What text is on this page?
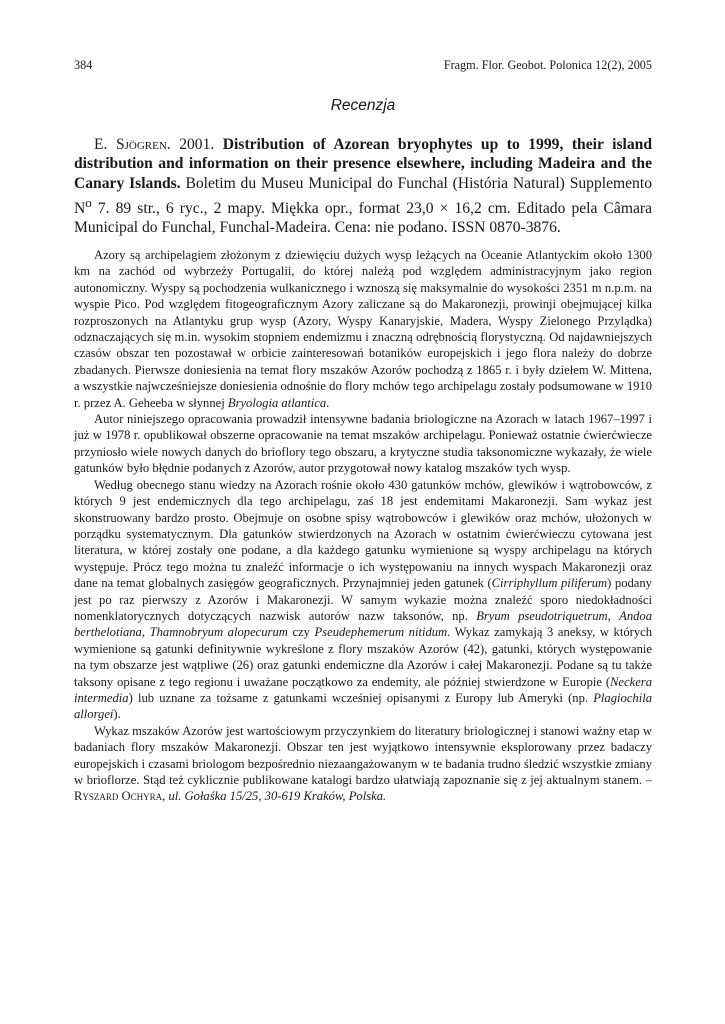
384	Fragm. Flor. Geobot. Polonica 12(2), 2005
Recenzja

E. Sjögren. 2001. Distribution of Azorean bryophytes up to 1999, their island distribution and information on their presence elsewhere, including Madeira and the Canary Islands. Boletim du Museu Municipal do Funchal (História Natural) Supplemento $N^o$ 7. 89 str., 6 ryc., 2 mapy. Miękka opr., format 23,0 × 16,2 cm. Editado pela Câmara Municipal do Funchal, Funchal-Madeira. Cena: nie podano. ISSN 0870-3876.

Azory są archipelagiem złożonym z dziewięciu dużych wysp leżących na Oceanie Atlantyckim około 1300 km na zachód od wybrzeży Portugalii, do której należą pod względem administracyjnym jako region autonomiczny. Wyspy są pochodzenia wulkanicznego i wznoszą się maksymalnie do wysokości 2351 m n.p.m. na wyspie Pico. Pod względem fitogeograficznym Azory zaliczane są do Makaronezji, prowinji obejmującej kilka rozproszonych na Atlantyku grup wysp (Azory, Wyspy Kanaryjskie, Madera, Wyspy Zielonego Przylądka) odznaczających się m.in. wysokim stopniem endemizmu i znaczną odrębnością florystyczną. Od najdawniejszych czasów obszar ten pozostawał w orbicie zainteresowań botaników europejskich i jego flora należy do dobrze zbadanych. Pierwsze doniesienia na temat flory mszaków Azorów pochodzą z 1865 r. i były dziełem W. Mittena, a wszystkie najwcześniejsze doniesienia odnośnie do flory mchów tego archipelagu zostały podsumowane w 1910 r. przez A. Geheeba w słynnej Bryologia atlantica.

Autor niniejszego opracowania prowadził intensywne badania briologiczne na Azorach w latach 1967–1997 i już w 1978 r. opublikował obszerne opracowanie na temat mszaków archipelagu. Ponieważ ostatnie ćwierćwiecze przyniosło wiele nowych danych do brioflory tego obszaru, a krytyczne studia taksonomiczne wykazały, że wiele gatunków było błędnie podanych z Azorów, autor przygotował nowy katalog mszaków tych wysp.

Według obecnego stanu wiedzy na Azorach rośnie około 430 gatunków mchów, glewików i wątrobowców, z których 9 jest endemicznych dla tego archipelagu, zaś 18 jest endemitami Makaronezji. Sam wykaz jest skonstruowany bardzo prosto. Obejmuje on osobne spisy wątrobowców i glewików oraz mchów, ułożonych w porządku systematycznym. Dla gatunków stwierdzonych na Azorach w ostatnim ćwierćwieczu cytowana jest literatura, w której zostały one podane, a dla każdego gatunku wymienione są wyspy archipelagu na których występuje. Prócz tego można tu znaleźć informacje o ich występowaniu na innych wyspach Makaronezji oraz dane na temat globalnych zasięgów geograficznych. Przynajmniej jeden gatunek (Cirriphyllum piliferum) podany jest po raz pierwszy z Azorów i Makaronezji. W samym wykazie można znaleźć sporo niedokładności nomenklatorycznych dotyczących nazwisk autorów nazw taksonów, np. Bryum pseudotriquetrum, Andoa berthelotiana, Thamnobryum alopecurum czy Pseudephemerum nitidum. Wykaz zamykają 3 aneksy, w których wymienione są gatunki definitywnie wykreślone z flory mszaków Azorów (42), gatunki, których występowanie na tym obszarze jest wątpliwe (26) oraz gatunki endemiczne dla Azorów i całej Makaronezji. Podane są tu także taksony opisane z tego regionu i uważane początkowo za endemity, ale później stwierdzone w Europie (Neckera intermedia) lub uznane za tożsame z gatunkami wcześniej opisanymi z Europy lub Ameryki (np. Plagiochila allorgei).

Wykaz mszaków Azorów jest wartościowym przyczynkiem do literatury briologicznej i stanowi ważny etap w badaniach flory mszaków Makaronezji. Obszar ten jest wyjątkowo intensywnie eksplorowany przez badaczy europejskich i czasami briologom bezpośrednio niezaangażowanym w te badania trudno śledzić wszystkie zmiany w brioflorze. Stąd też cyklicznie publikowane katalogi bardzo ułatwiają zapoznanie się z jej aktualnym stanem. – Ryszard Ochyra, ul. Gołaśka 15/25, 30-619 Kraków, Polska.
